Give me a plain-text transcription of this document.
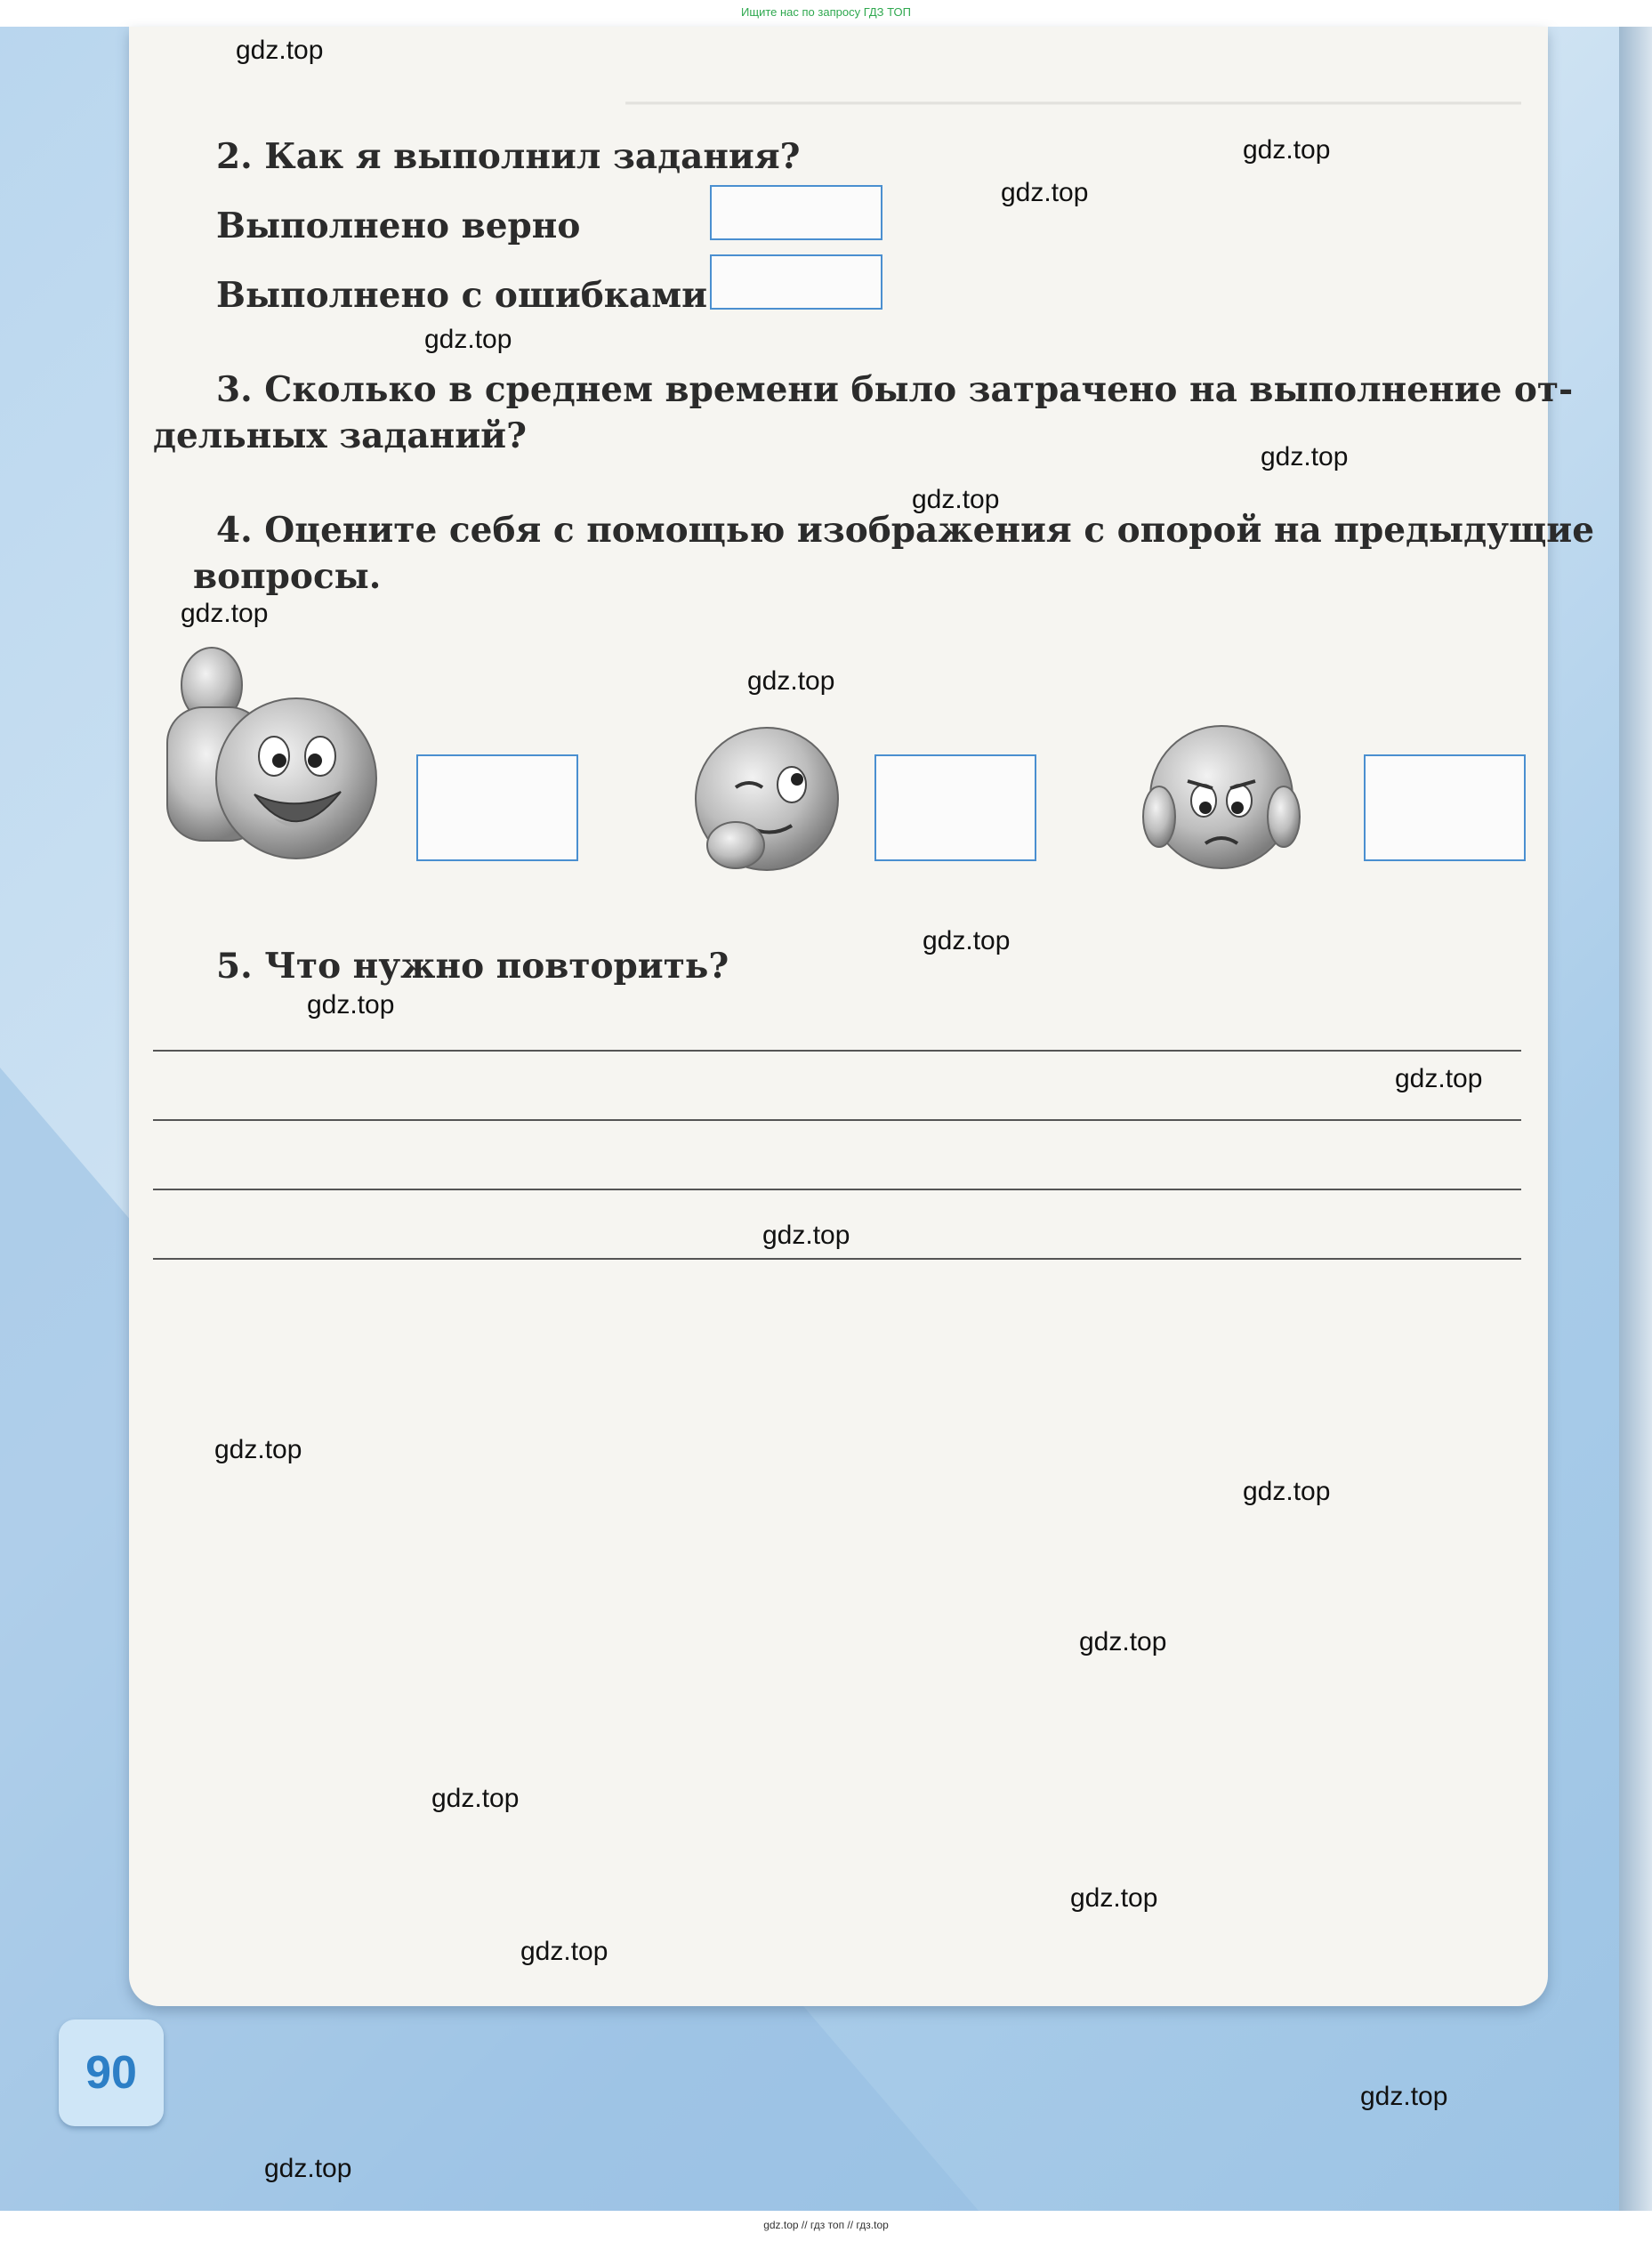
Ищите нас по запросу ГДЗ ТОП
gdz.top
gdz.top
gdz.top
gdz.top
gdz.top
gdz.top
gdz.top
gdz.top
gdz.top
gdz.top
gdz.top
gdz.top
gdz.top
gdz.top
gdz.top
gdz.top
gdz.top
gdz.top
gdz.top
gdz.top
2. Как я выполнил задания?
Выполнено верно
Выполнено с ошибками
3. Сколько в среднем времени было затрачено на выполнение от-
дельных заданий?
4. Оцените себя с помощью изображения с опорой на предыдущие
вопросы.
5. Что нужно повторить?
90
gdz.top // гдз топ // гдз.top
